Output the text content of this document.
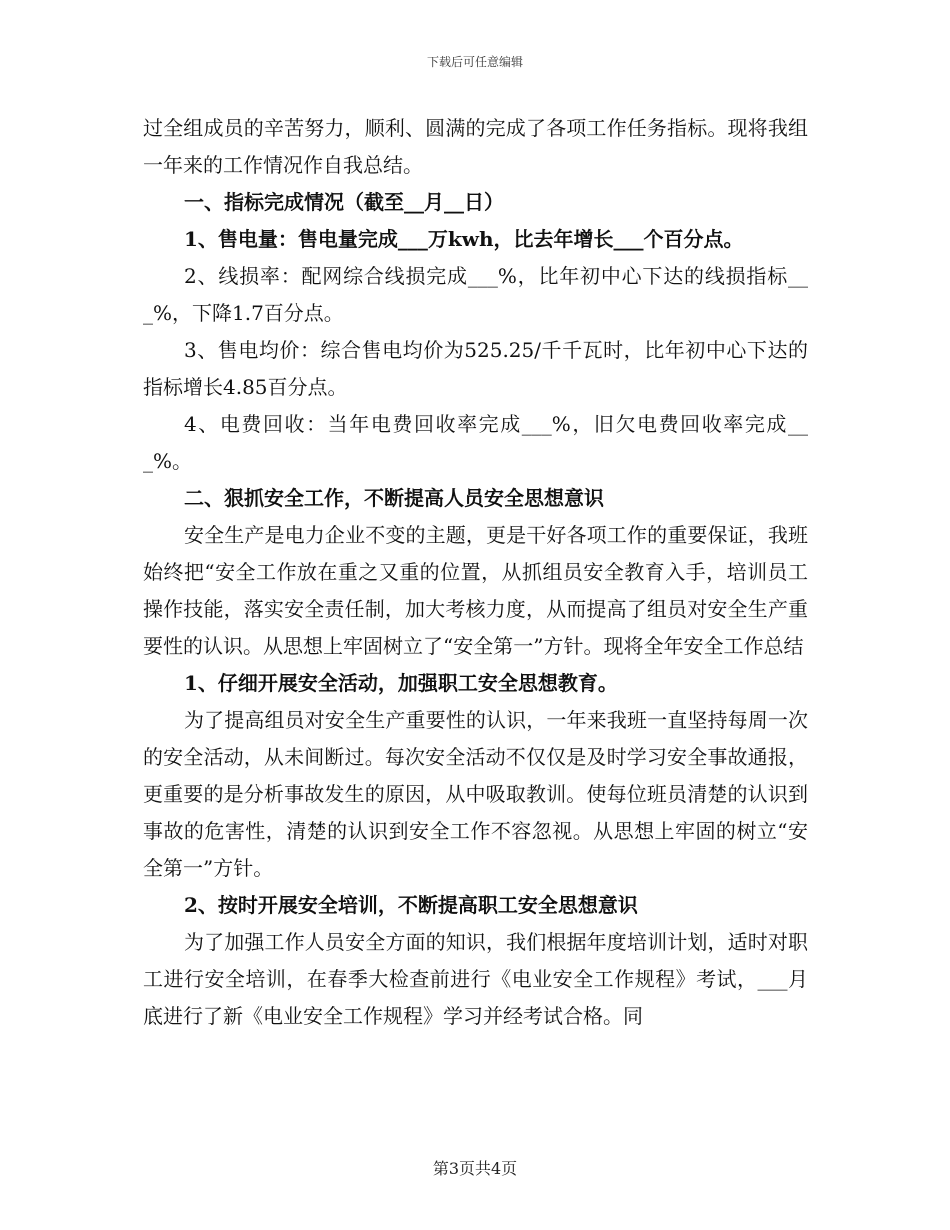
下载后可任意编辑

过全组成员的辛苦努力，顺利、圆满的完成了各项工作任务指标。现将我组一年来的工作情况作自我总结。

一、指标完成情况（截至__月__日）

1、售电量：售电量完成___万kwh，比去年增长___个百分点。

2、线损率：配网综合线损完成___%，比年初中心下达的线损指标___%，下降1.7百分点。

3、售电均价：综合售电均价为525.25/千千瓦时，比年初中心下达的指标增长4.85百分点。

4、电费回收：当年电费回收率完成___%，旧欠电费回收率完成___%。

二、狠抓安全工作，不断提高人员安全思想意识

安全生产是电力企业不变的主题，更是干好各项工作的重要保证，我班始终把“安全工作放在重之又重的位置，从抓组员安全教育入手，培训员工操作技能，落实安全责任制，加大考核力度，从而提高了组员对安全生产重要性的认识。从思想上牢固树立了“安全第一”方针。现将全年安全工作总结

1、仔细开展安全活动，加强职工安全思想教育。

为了提高组员对安全生产重要性的认识，一年来我班一直坚持每周一次的安全活动，从未间断过。每次安全活动不仅仅是及时学习安全事故通报，更重要的是分析事故发生的原因，从中吸取教训。使每位班员清楚的认识到事故的危害性，清楚的认识到安全工作不容忽视。从思想上牢固的树立“安全第一”方针。

2、按时开展安全培训，不断提高职工安全思想意识

为了加强工作人员安全方面的知识，我们根据年度培训计划，适时对职工进行安全培训，在春季大检查前进行《电业安全工作规程》考试，___月底进行了新《电业安全工作规程》学习并经考试合格。同

第3页共4页
